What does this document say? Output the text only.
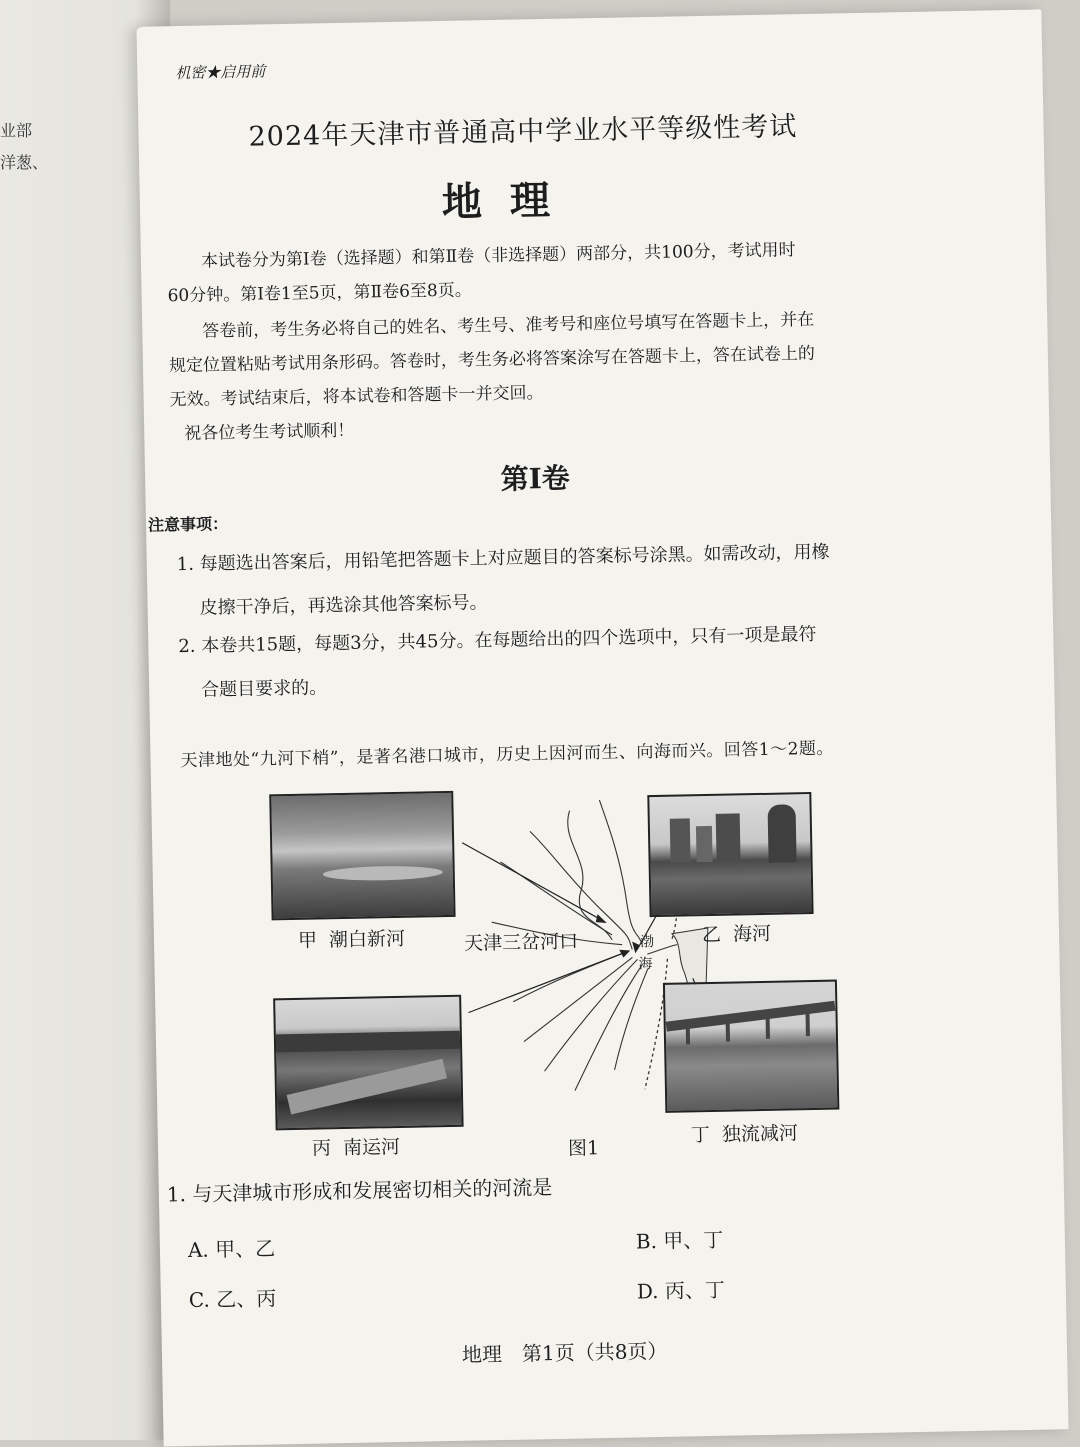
业部
洋葱、
机密★启用前
2024年天津市普通高中学业水平等级性考试
地理
本试卷分为第Ⅰ卷（选择题）和第Ⅱ卷（非选择题）两部分，共100分，考试用时
60分钟。第Ⅰ卷1至5页，第Ⅱ卷6至8页。
答卷前，考生务必将自己的姓名、考生号、准考号和座位号填写在答题卡上，并在
规定位置粘贴考试用条形码。答卷时，考生务必将答案涂写在答题卡上，答在试卷上的
无效。考试结束后，将本试卷和答题卡一并交回。
祝各位考生考试顺利！
第Ⅰ卷
注意事项：
1. 每题选出答案后，用铅笔把答题卡上对应题目的答案标号涂黑。如需改动，用橡
皮擦干净后，再选涂其他答案标号。
2. 本卷共15题，每题3分，共45分。在每题给出的四个选项中，只有一项是最符
合题目要求的。
天津地处“九河下梢”，是著名港口城市，历史上因河而生、向海而兴。回答1～2题。
甲 潮白新河	乙 海河
丙 南运河
丁 独流减河
天津三岔河口	渤
海
图1
1. 与天津城市形成和发展密切相关的河流是
A. 甲、乙	B. 甲、丁
C. 乙、丙	D. 丙、丁
地理　第1页（共8页）
